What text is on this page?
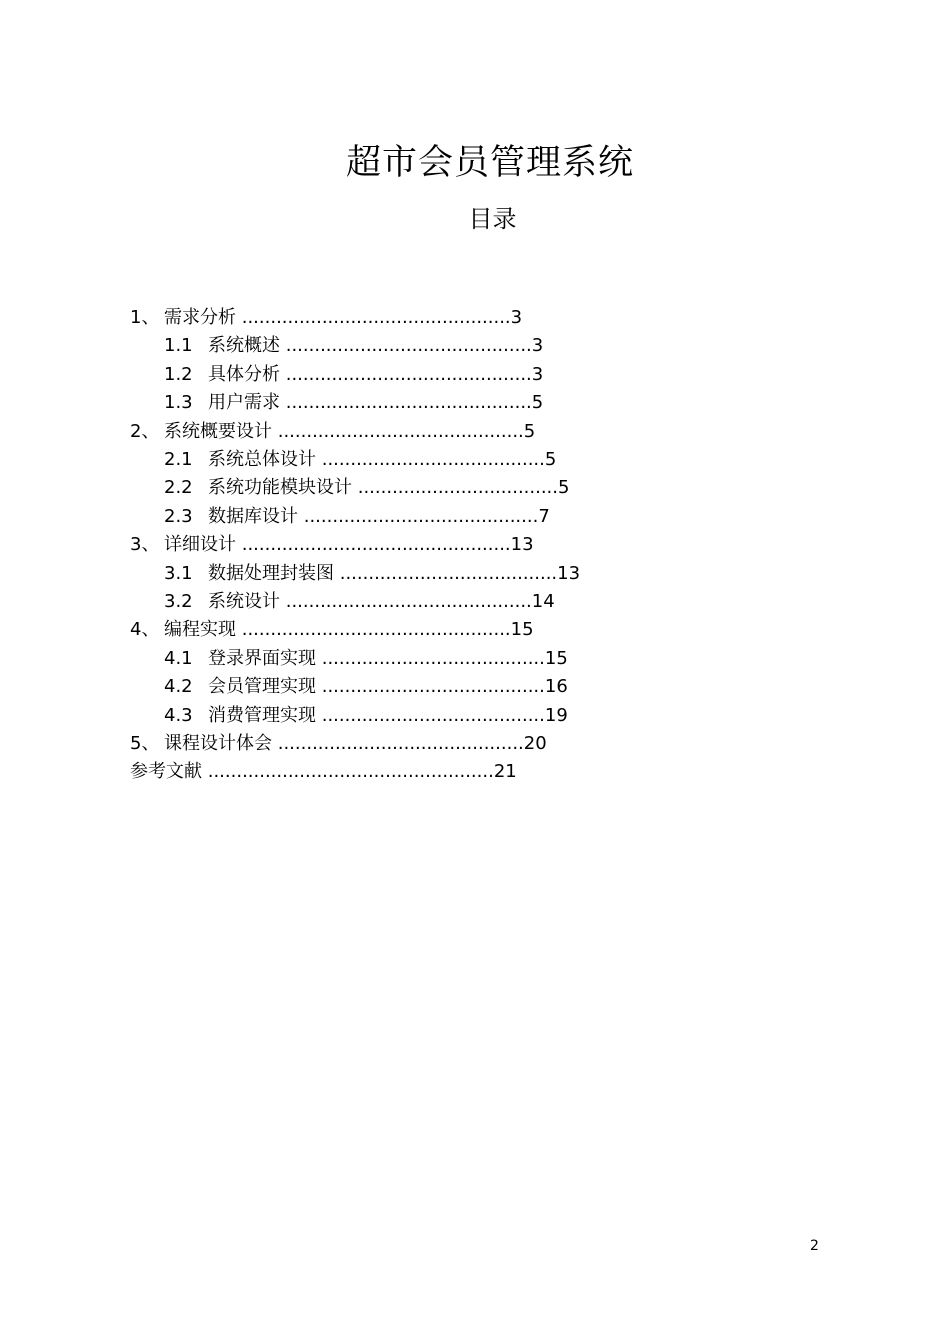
超市会员管理系统
目录
1、 需求分析 ...............................................3
1.1 系统概述 ...........................................3
1.2 具体分析 ...........................................3
1.3 用户需求 ...........................................5
2、 系统概要设计 ...........................................5
2.1 系统总体设计 .......................................5
2.2 系统功能模块设计 ...................................5
2.3 数据库设计 .........................................7
3、 详细设计 ...............................................13
3.1 数据处理封装图 ......................................13
3.2 系统设计 ...........................................14
4、 编程实现 ...............................................15
4.1 登录界面实现 .......................................15
4.2 会员管理实现 .......................................16
4.3 消费管理实现 .......................................19
5、 课程设计体会 ...........................................20
参考文献 ..................................................21
2
